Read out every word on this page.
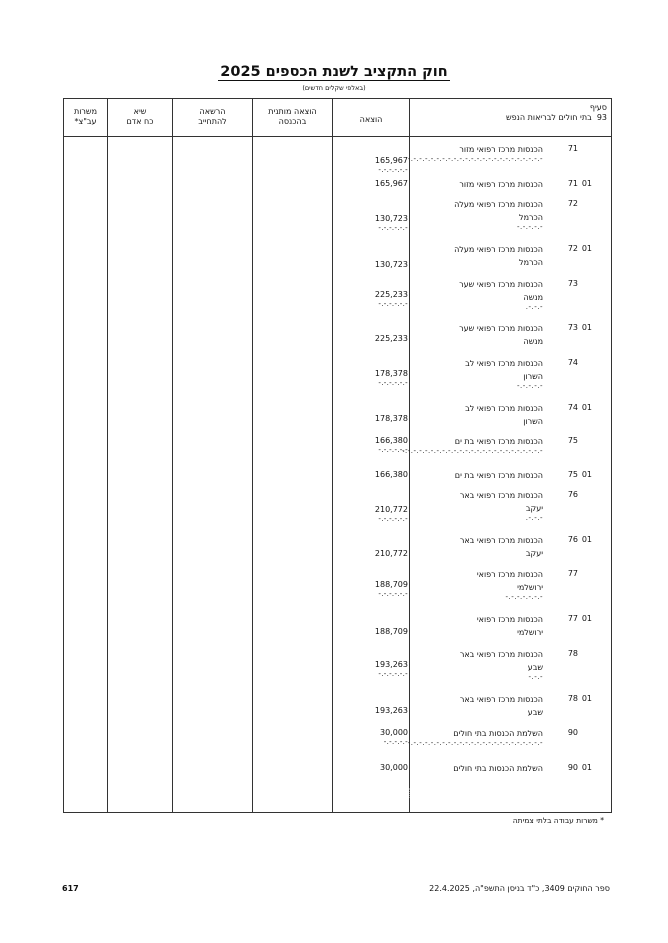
חוק התקציב לשנת הכספים 2025
(באלפי שקלים חדשים)
סעיף
93  בתי חולים לבריאות הנפש
הוצאה
הוצאה מותנית
בהכנסה
הרשאה
להתחייב
שיא
כח אדם
משרות
עב"צ*
71
הכנסות מרכז רפואי מזור
-.-.-.-.-.-.-.-.-.-.-.-.-.-.-.-.-.-.-.-.-.-.-.-
165,967
-.-.-.-.-.-
0171
הכנסות מרכז רפואי מזור
165,967
72
הכנסות מרכז רפואי מעלה
הכרמל
-.-.-.-.-
130,723
-.-.-.-.-.-
0172
הכנסות מרכז רפואי מעלה
הכרמל
130,723
73
הכנסות מרכז רפואי שער
מנשה
-.-.-.
225,233
-.-.-.-.-.-
0173
הכנסות מרכז רפואי שער
מנשה
225,233
74
הכנסות מרכז רפואי לב
השרון
-.-.-.-.-
178,378
-.-.-.-.-.-
0174
הכנסות מרכז רפואי לב
השרון
178,378
75
הכנסות מרכז רפואי בת ים
-.-.-.-.-.-.-.-.-.-.-.-.-.-.-.-.-.-.-.-.-.-.-.-.-
166,380
-.-.-.-.-.-
0175
הכנסות מרכז רפואי בת ים
166,380
76
הכנסות מרכז רפואי באר
יעקב
-.-.-.
210,772
-.-.-.-.-.-
0176
הכנסות מרכז רפואי באר
יעקב
210,772
77
הכנסות מרכז רפואי
ירושלמי
-.-.-.-.-.-.-
188,709
-.-.-.-.-.-
0177
הכנסות מרכז רפואי
ירושלמי
188,709
78
הכנסות מרכז רפואי באר
שבע
-.-.-
193,263
-.-.-.-.-.-
0178
הכנסות מרכז רפואי באר
שבע
193,263
90
השלמת הכנסות בתי חולים
-.-.-.-.-.-.-.-.-.-.-.-.-.-.-.-.-.-.-.-.-.-.-.-
30,000
-.-.-.-.-
0190
השלמת הכנסות בתי חולים
30,000
* משרות עבודה בלתי צמיתה
ספר החוקים 3409, כ"ד בניסן התשפ"ה, 22.4.2025
617
